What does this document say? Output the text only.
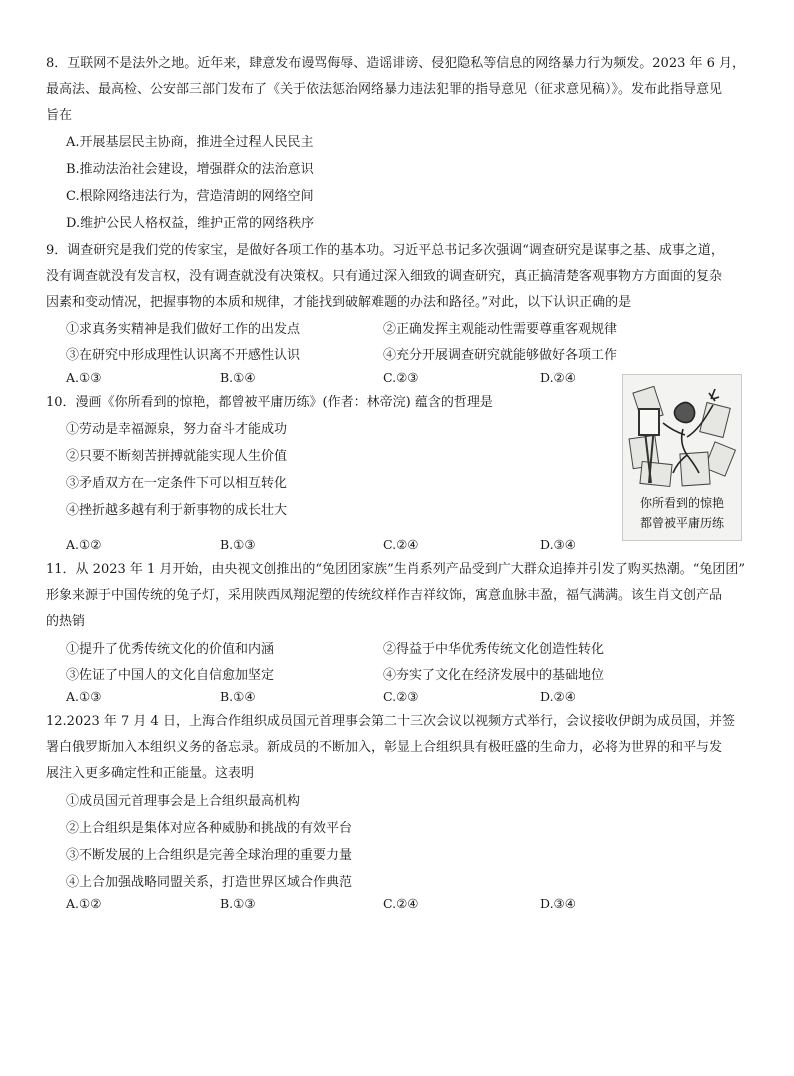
8．互联网不是法外之地。近年来，肆意发布谩骂侮辱、造谣诽谤、侵犯隐私等信息的网络暴力行为频发。2023 年 6 月，
最高法、最高检、公安部三部门发布了《关于依法惩治网络暴力违法犯罪的指导意见（征求意见稿）》。发布此指导意见
旨在
A.开展基层民主协商，推进全过程人民民主
B.推动法治社会建设，增强群众的法治意识
C.根除网络违法行为，营造清朗的网络空间
D.维护公民人格权益，维护正常的网络秩序
9．调查研究是我们党的传家宝，是做好各项工作的基本功。习近平总书记多次强调“调查研究是谋事之基、成事之道，
没有调查就没有发言权，没有调查就没有决策权。只有通过深入细致的调查研究，真正搞清楚客观事物方方面面的复杂
因素和变动情况，把握事物的本质和规律，才能找到破解难题的办法和路径。”对此，以下认识正确的是
①求真务实精神是我们做好工作的出发点	②正确发挥主观能动性需要尊重客观规律
③在研究中形成理性认识离不开感性认识	④充分开展调查研究就能够做好各项工作
A.①③	B.①④	C.②③	D.②④
10．漫画《你所看到的惊艳，都曾被平庸历练》(作者：林帝浣) 蕴含的哲理是
①劳动是幸福源泉，努力奋斗才能成功
②只要不断刻苦拼搏就能实现人生价值
③矛盾双方在一定条件下可以相互转化
④挫折越多越有利于新事物的成长壮大
A.①②	B.①③	C.②④	D.③④
你所看到的惊艳
都曾被平庸历练
11．从 2023 年 1 月开始，由央视文创推出的“兔团团家族”生肖系列产品受到广大群众追捧并引发了购买热潮。“兔团团”
形象来源于中国传统的兔子灯，采用陕西凤翔泥塑的传统纹样作吉祥纹饰，寓意血脉丰盈，福气满满。该生肖文创产品
的热销
①提升了优秀传统文化的价值和内涵	②得益于中华优秀传统文化创造性转化
③佐证了中国人的文化自信愈加坚定	④夯实了文化在经济发展中的基础地位
A.①③	B.①④	C.②③	D.②④
12.2023 年 7 月 4 日，上海合作组织成员国元首理事会第二十三次会议以视频方式举行，会议接收伊朗为成员国，并签
署白俄罗斯加入本组织义务的备忘录。新成员的不断加入，彰显上合组织具有极旺盛的生命力，必将为世界的和平与发
展注入更多确定性和正能量。这表明
①成员国元首理事会是上合组织最高机构
②上合组织是集体对应各种威胁和挑战的有效平台
③不断发展的上合组织是完善全球治理的重要力量
④上合加强战略同盟关系，打造世界区域合作典范
A.①②	B.①③	C.②④	D.③④
